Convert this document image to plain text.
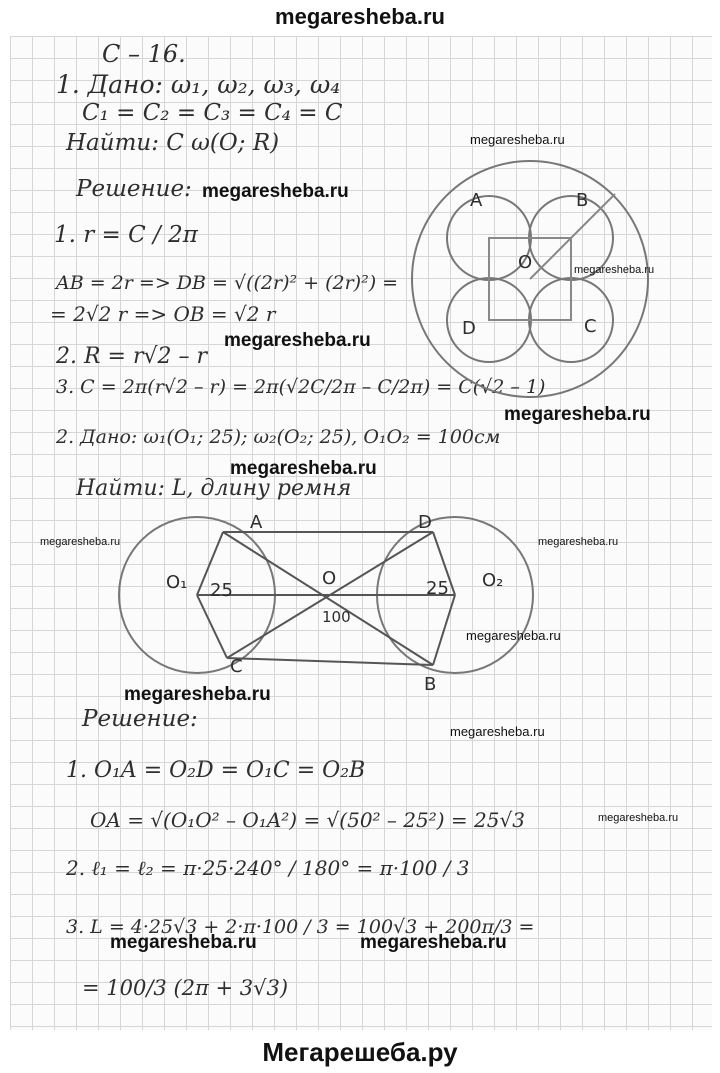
megaresheba.ru
C – 16.
1. Дано: ω₁, ω₂, ω₃, ω₄
C₁ = C₂ = C₃ = C₄ = C
Найти: C ω(O; R)
Решение:
1. r = C / 2π
AB = 2r => DB = √((2r)² + (2r)²) =
= 2√2 r => OB = √2 r
2. R = r√2 – r
3. C = 2π(r√2 – r) = 2π(√2C/2π – C/2π) = C(√2 – 1)
A	B
O
D	C
2. Дано: ω₁(O₁; 25); ω₂(O₂; 25), O₁O₂ = 100см
Найти: L, длину ремня
A	D
O₁ 25
O	25 O₂
100
C
B
Решение:
1. O₁A = O₂D = O₁C = O₂B
OA = √(O₁O² – O₁A²) = √(50² – 25²) = 25√3
2. ℓ₁ = ℓ₂ = π·25·240° / 180° = π·100 / 3
3. L = 4·25√3 + 2·π·100 / 3 = 100√3 + 200π/3 =
= 100/3 (2π + 3√3)
megaresheba.ru
megaresheba.ru
megaresheba.ru
megaresheba.ru
megaresheba.ru
megaresheba.ru
megaresheba.ru	megaresheba.ru
megaresheba.ru
megaresheba.ru
megaresheba.ru
megaresheba.ru
megaresheba.ru	megaresheba.ru
Мегарешеба.ру
